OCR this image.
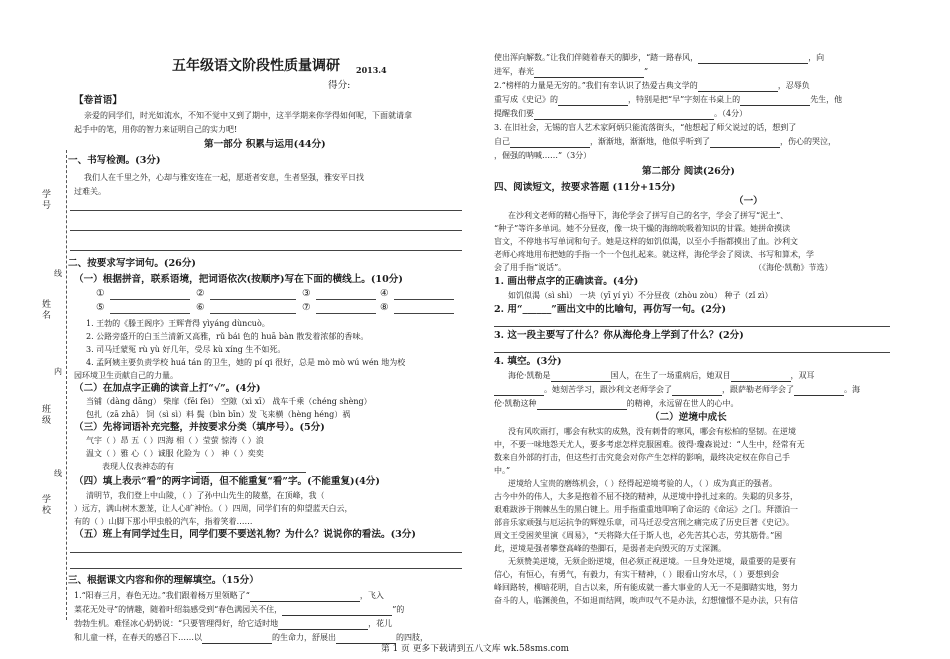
学号
姓名
班级
学校
线
内
线
五年级语文阶段性质量调研 2013.4
得分:
【卷首语】
亲爱的同学们，时光如流水，不知不觉中又到了期中，这半学期来你学得如何呢，下面就请拿
起手中的笔，用你的智力来证明自己的实力吧!
第一部分 积累与运用(44分)
一、书写检测。(3分)
我们人在千里之外，心却与雅安连在一起，愿逝者安息，生者坚强，雅安平日找
过难关。
二、按要求写字词句。(26分)
（一）根据拼音，联系语境，把词语依次(按顺序)写在下面的横线上。(10分)
①	②	③	④
⑤	⑥	⑦	⑧
1. 王勃的《滕王阁序》王辉背得 yìyáng dùncuò。
2. 公路旁盛开的白玉兰清新又高雅，rǔ bái 色的 huā bàn 散发着浓郁的香味。
3. 司马迁蒙冤 rù yù 好几年，受尽 kù xíng 生不如死。
4. 孟阿姨主要负责学校 huá tán 的卫生，她的 pí qi 很好，总是 mò mò wú wén 地为校
园环境卫生贡献自己的力量。
（二）在加点字正确的读音上打“√”。(4分)
当铺（dàng dāng） 柴扉（fēi fèi） 空隙（xì xī） 战车千乘（chéng shèng）
包扎（zā zhā） 饲（sì sì）料 鬓（bìn bīn）发 飞来横（hèng héng）祸
（三）先将词语补充完整，并按要求分类（填序号）。(5分)
气宇（ ）昂 五（ ）四海 相（ ）莹萤 惊涛（ ）浪
温文（ ）雅 心（ ）诚服 化险为（ ） 神（ ）奕奕
表现人仪表神态的有
（四）填上表示“看”的两字词语，但不能重复“看”字。(不能重复)(4分)
清明节，我们登上中山陵，（ ）了孙中山先生的陵墓，在顶峰，我（
）远方，满山树木葱茏，让人心旷神怡。（ ）四周，同学们有的仰望蓝天白云，
有的（ ）山脚下那小甲虫般的汽车，指着笑着……
（五）班上有同学过生日，同学们要不要送礼物？为什么？说说你的看法。(3分)
三、根据课文内容和你的理解填空。（15分）
1.“阳春三月，春色无边。”我们跟着杨万里领略了“	，飞入
菜花无处寻”的情趣，随着叶绍翁感受到“春色满园关不住，	”的
勃勃生机。难怪冰心奶奶说：“只要管理得好，给它适时地	，花儿
和儿童一样，在春天的感召下……以	的生命力，舒展出	的四肢，
使出浑向解数。”让我们伴随着春天的脚步，“踏一路春风，	，向
进军，春光	”
2.“榜样的力量是无穷的。”我们有幸认识了热爱古典文学的	，忍辱负
重写成《史记》的	，特别是把“早”字刻在书桌上的	先生，他
提醒我们要	。（4分）
3. 在旧社会，无锡的盲人艺术家阿炳只能流落街头，“他想起了师父说过的话，想到了
自己	，渐渐地，渐渐地，他似乎听到了	，伤心的哭泣，
，倔强的呐喊……”（3分）
第二部分 阅读(26分)
四、阅读短文，按要求答题 (11分+15分)
（一）
在沙利文老师的精心指导下，海伦学会了拼写自己的名字，学会了拼写“泥土”、
“种子”等许多单词。她不分昼夜，像一块干燥的海绵吮吸着知识的甘霖。她拼命摸读
盲文，不停地书写单词和句子。她是这样的如饥似渴，以至小手指都摸出了血。沙利文
老师心疼地用布把她的手指一个一个包扎起来。就这样，海伦学会了阅读、书写和算术，学
会了用手指“说话”。	（《海伦·凯勒》节选）
1. 画出带点字的正确读音。(4分)
如饥似渴（sì shì） 一块（yī yí yì）不分昼夜（zhòu zòu） 种子（zǐ zì）
2. 用“______”画出文中的比喻句，再仿写一句。(2分)
3. 这一段主要写了什么？你从海伦身上学到了什么？(2分)
4. 填空。(3分)
海伦·凯勒是	国人，在生了一场重病后，她双目	，双耳
。她刻苦学习，跟沙利文老师学会了	，跟萨勒老师学会了	。海
伦·凯勒这种	的精神，永远留在世人的心中。
（二）逆境中成长
没有风吹雨打，哪会有秋实的成熟，没有刺骨的寒风，哪会有松柏的坚韧。在逆境
中，不要一味地怨天尤人，要多考虑怎样克服困难。彼得·瓊森说过：“人生中，经常有无
数来自外部的打击，但这些打击究竟会对你产生怎样的影响，最终决定权在你自己手
中。”
逆境给人宝贵的磨练机会，（ ）经得起逆境考验的人，（ ）成为真正的强者。
古今中外的伟人，大多是抱着不屈不挠的精神，从逆境中挣扎过来的。失聪的贝多芬，
艰难跋涉于荆棘丛生的黑白键上。用手指重重地叩响了命运的《命运》之门。拜漂泊一
部音乐家顽强与厄运抗争的辉煌乐章，司马迁忍受宫刑之痛完成了历史巨著《史记》。
周文王受困羑里演《周易》，“天将降大任于斯人也，必先苦其心志，劳其筋骨。”困
此，逆境是强者攀登高峰的垫脚石，是弱者走向毁灭的万丈深渊。
无须赞美逆境，无须企盼逆境，但必须正视逆境。一旦身处逆境，最重要的是要有
信心，有恒心，有勇气，有毅力，有实干精神，（ ）眼看山穷水尽，（ ）要想到会
峰回路转，柳暗花明，自古以来，所有能成就一番大事业的人无一不是脚踏实地，努力
奋斗的人，临渊羡鱼，不如退而结网，唉声叹气不是办法，幻想憧憬不是办法，只有信
第 1 页 更多下载请到五八文库 wk.58sms.com
